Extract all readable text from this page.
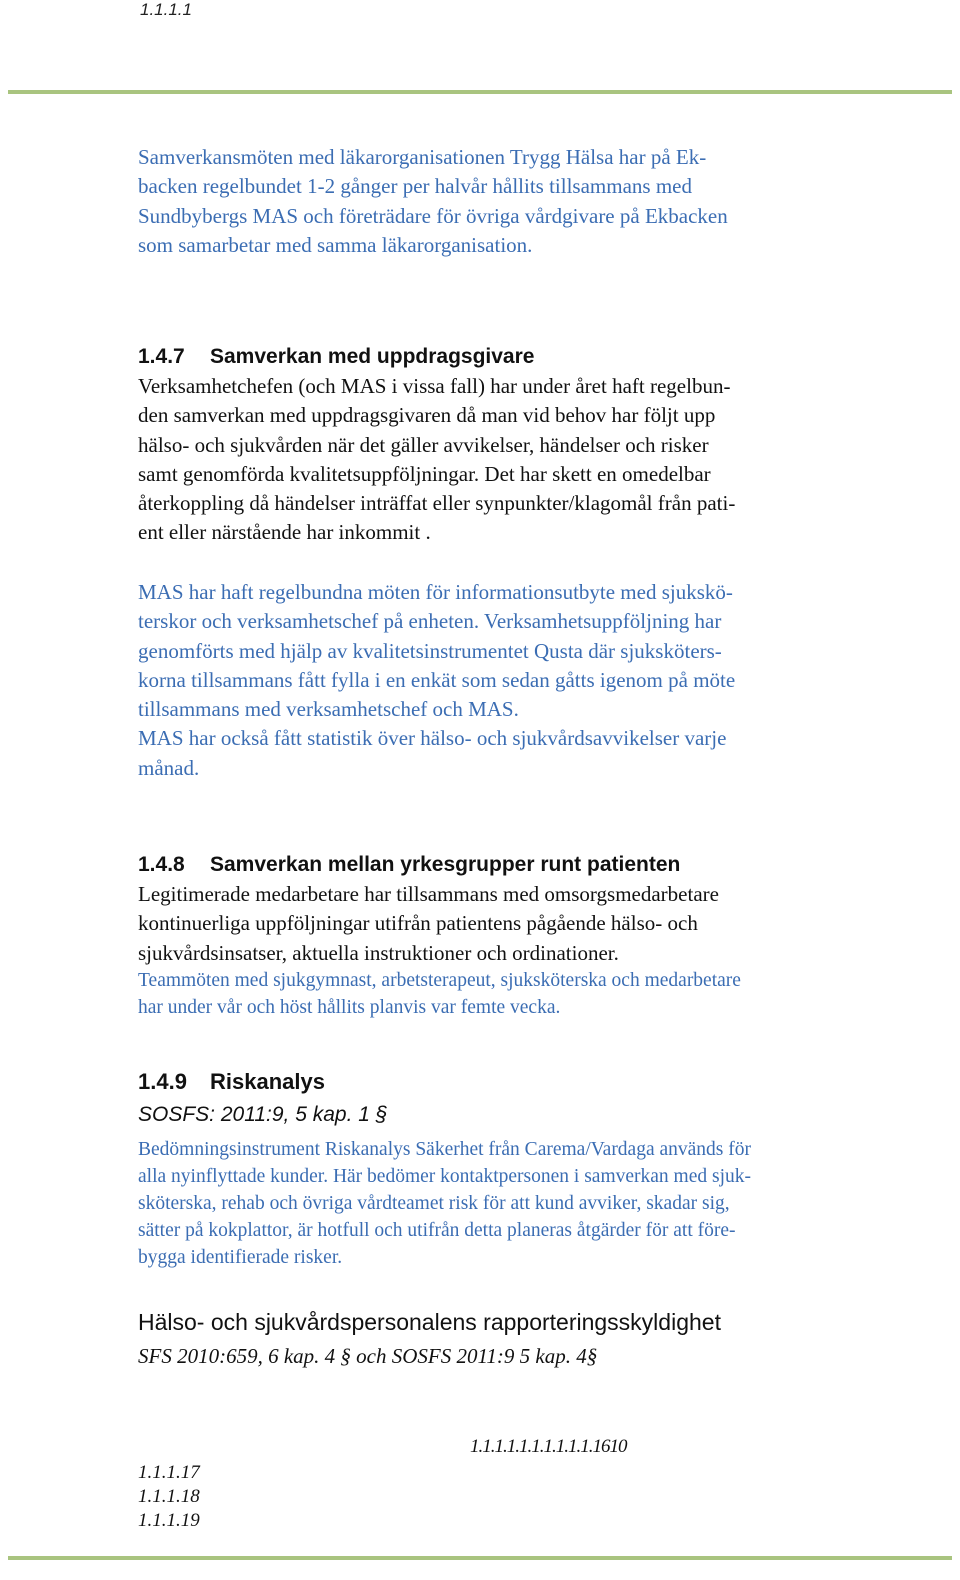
1.1.1.1
Samverkansmöten med läkarorganisationen Trygg Hälsa har på Ek-
backen regelbundet 1-2 gånger per halvår hållits tillsammans med
Sundbybergs MAS och företrädare för övriga vårdgivare på Ekbacken
som samarbetar med samma läkarorganisation.
1.4.7 Samverkan med uppdragsgivare
Verksamhetchefen (och MAS i vissa fall) har under året haft regelbun-
den samverkan med uppdragsgivaren då man vid behov har följt upp
hälso- och sjukvården när det gäller avvikelser, händelser och risker
samt genomförda kvalitetsuppföljningar. Det har skett en omedelbar
återkoppling då händelser inträffat eller synpunkter/klagomål från pati-
ent eller närstående har inkommit .
MAS har haft regelbundna möten för informationsutbyte med sjukskö-
terskor och verksamhetschef på enheten. Verksamhetsuppföljning har
genomförts med hjälp av kvalitetsinstrumentet Qusta där sjuksköters-
korna tillsammans fått fylla i en enkät som sedan gåtts igenom på möte
tillsammans med verksamhetschef och MAS.
MAS har också fått statistik över hälso- och sjukvårdsavvikelser varje
månad.
1.4.8 Samverkan mellan yrkesgrupper runt patienten
Legitimerade medarbetare har tillsammans med omsorgsmedarbetare
kontinuerliga uppföljningar utifrån patientens pågående hälso- och
sjukvårdsinsatser, aktuella instruktioner och ordinationer.
Teammöten med sjukgymnast, arbetsterapeut, sjuksköterska och medarbetare
har under vår och höst hållits planvis var femte vecka.
1.4.9 Riskanalys
SOSFS: 2011:9, 5 kap. 1 §
Bedömningsinstrument Riskanalys Säkerhet från Carema/Vardaga används för
alla nyinflyttade kunder. Här bedömer kontaktpersonen i samverkan med sjuk-
sköterska, rehab och övriga vårdteamet risk för att kund avviker, skadar sig,
sätter på kokplattor, är hotfull och utifrån detta planeras åtgärder för att före-
bygga identifierade risker.
Hälso- och sjukvårdspersonalens rapporteringsskyldighet
SFS 2010:659, 6 kap. 4 § och SOSFS 2011:9 5 kap. 4§
1.1.1.1.1.1.1.1.1.1.1610
1.1.1.17
1.1.1.18
1.1.1.19
